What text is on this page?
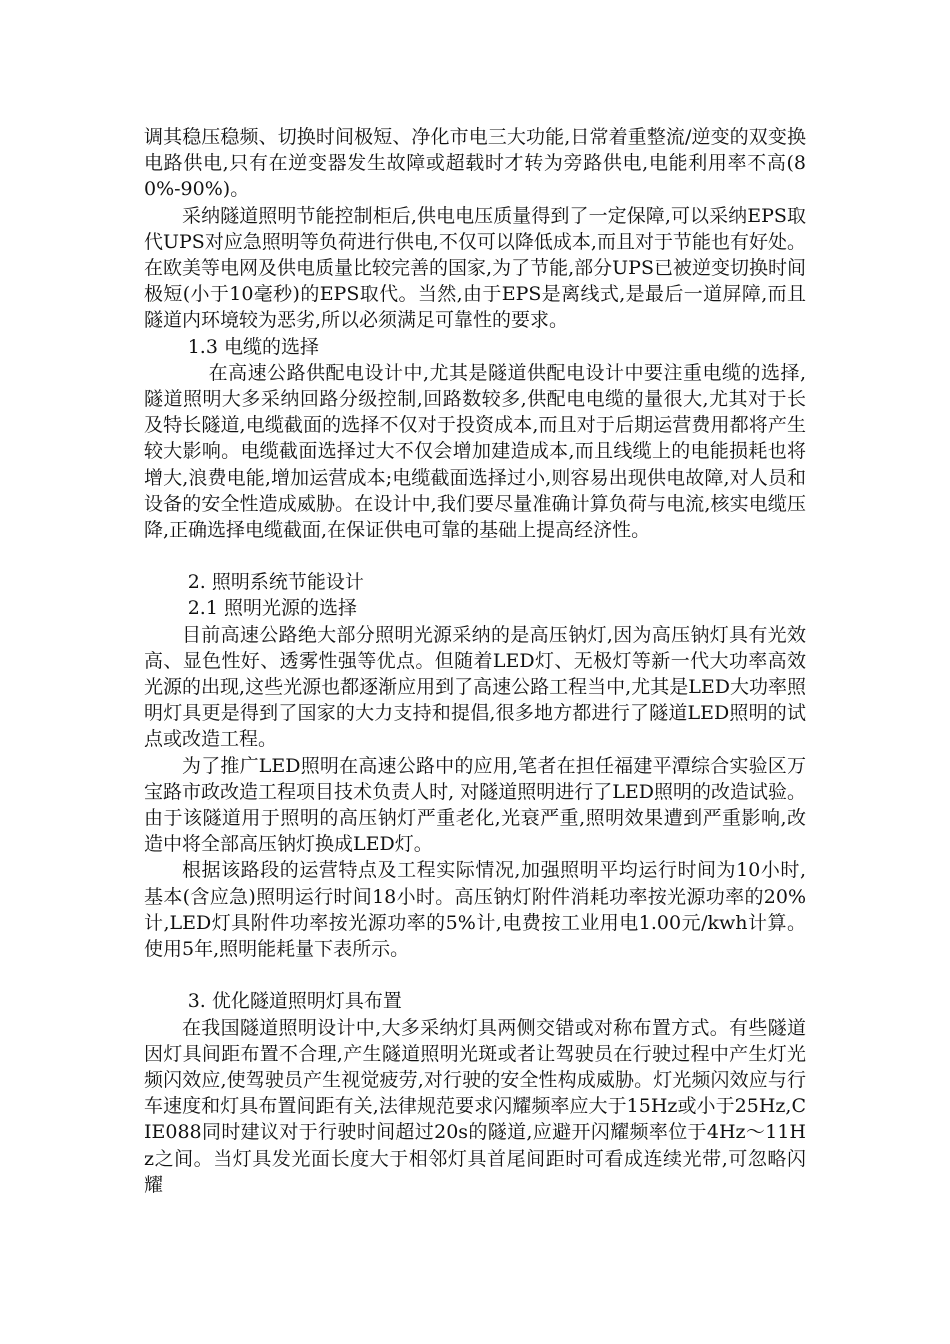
调其稳压稳频、切换时间极短、净化市电三大功能,日常着重整流/逆变的双变换电路供电,只有在逆变器发生故障或超载时才转为旁路供电,电能利用率不高(80%-90%)。

采纳隧道照明节能控制柜后,供电电压质量得到了一定保障,可以采纳EPS取代UPS对应急照明等负荷进行供电,不仅可以降低成本,而且对于节能也有好处。在欧美等电网及供电质量比较完善的国家,为了节能,部分UPS已被逆变切换时间极短(小于10毫秒)的EPS取代。当然,由于EPS是离线式,是最后一道屏障,而且隧道内环境较为恶劣,所以必须满足可靠性的要求。

1.3 电缆的选择

在高速公路供配电设计中,尤其是隧道供配电设计中要注重电缆的选择,隧道照明大多采纳回路分级控制,回路数较多,供配电电缆的量很大,尤其对于长及特长隧道,电缆截面的选择不仅对于投资成本,而且对于后期运营费用都将产生较大影响。电缆截面选择过大不仅会增加建造成本,而且线缆上的电能损耗也将增大,浪费电能,增加运营成本;电缆截面选择过小,则容易出现供电故障,对人员和设备的安全性造成威胁。在设计中,我们要尽量准确计算负荷与电流,核实电缆压降,正确选择电缆截面,在保证供电可靠的基础上提高经济性。

2. 照明系统节能设计

2.1 照明光源的选择

目前高速公路绝大部分照明光源采纳的是高压钠灯,因为高压钠灯具有光效高、显色性好、透雾性强等优点。但随着LED灯、无极灯等新一代大功率高效光源的出现,这些光源也都逐渐应用到了高速公路工程当中,尤其是LED大功率照明灯具更是得到了国家的大力支持和提倡,很多地方都进行了隧道LED照明的试点或改造工程。

为了推广LED照明在高速公路中的应用,笔者在担任福建平潭综合实验区万宝路市政改造工程项目技术负责人时, 对隧道照明进行了LED照明的改造试验。由于该隧道用于照明的高压钠灯严重老化,光衰严重,照明效果遭到严重影响,改造中将全部高压钠灯换成LED灯。

根据该路段的运营特点及工程实际情况,加强照明平均运行时间为10小时,基本(含应急)照明运行时间18小时。高压钠灯附件消耗功率按光源功率的20%计,LED灯具附件功率按光源功率的5%计,电费按工业用电1.00元/kwh计算。使用5年,照明能耗量下表所示。

3. 优化隧道照明灯具布置

在我国隧道照明设计中,大多采纳灯具两侧交错或对称布置方式。有些隧道因灯具间距布置不合理,产生隧道照明光斑或者让驾驶员在行驶过程中产生灯光频闪效应,使驾驶员产生视觉疲劳,对行驶的安全性构成威胁。灯光频闪效应与行车速度和灯具布置间距有关,法律规范要求闪耀频率应大于15Hz或小于25Hz,CIE088同时建议对于行驶时间超过20s的隧道,应避开闪耀频率位于4Hz～11Hz之间。当灯具发光面长度大于相邻灯具首尾间距时可看成连续光带,可忽略闪耀
